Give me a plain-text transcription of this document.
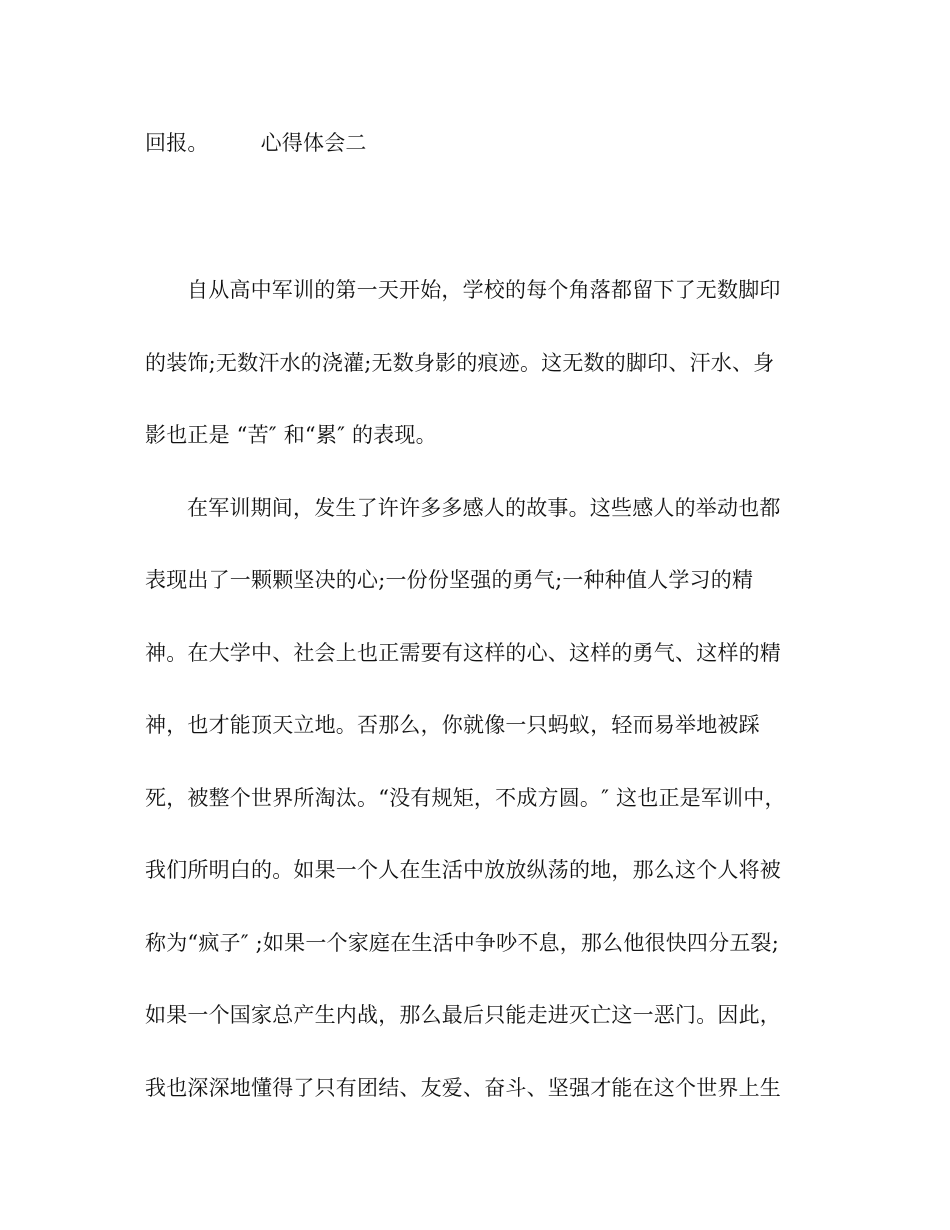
回报。 心得体会二
自从高中军训的第一天开始，学校的每个角落都留下了无数脚印
的装饰;无数汗水的浇灌;无数身影的痕迹。这无数的脚印、汗水、身
影也正是 “苦″ 和“累″ 的表现。
在军训期间，发生了许许多多感人的故事。这些感人的举动也都
表现出了一颗颗坚决的心;一份份坚强的勇气;一种种值人学习的精
神。在大学中、社会上也正需要有这样的心、这样的勇气、这样的精
神，也才能顶天立地。否那么，你就像一只蚂蚁，轻而易举地被踩
死，被整个世界所淘汰。“没有规矩，不成方圆。″ 这也正是军训中，
我们所明白的。如果一个人在生活中放放纵荡的地，那么这个人将被
称为“疯子″ ;如果一个家庭在生活中争吵不息，那么他很快四分五裂;
如果一个国家总产生内战，那么最后只能走进灭亡这一恶门。因此，
我也深深地懂得了只有团结、友爱、奋斗、坚强才能在这个世界上生
